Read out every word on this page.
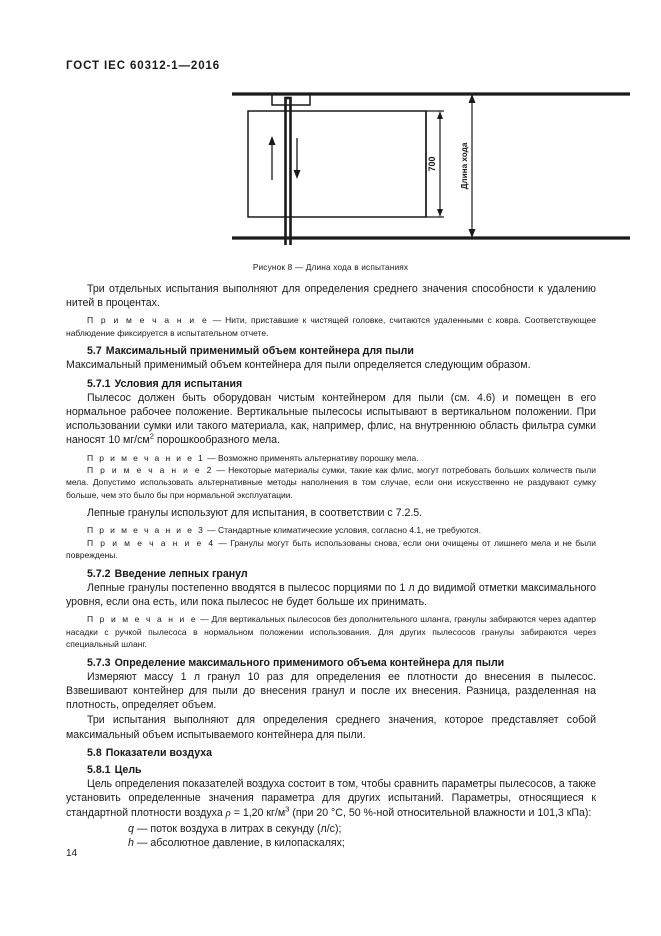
ГОСТ IEC 60312-1—2016
700	Длина хода
Рисунок 8 — Длина хода в испытаниях

Три отдельных испытания выполняют для определения среднего значения способности к удалению нитей в процентах.

П р и м е ч а н и е — Нити, приставшие к чистящей головке, считаются удаленными с ковра. Соответствующее наблюдение фиксируется в испытательном отчете.

5.7 Максимальный применимый объем контейнера для пыли

Максимальный применимый объем контейнера для пыли определяется следующим образом.

5.7.1 Условия для испытания

Пылесос должен быть оборудован чистым контейнером для пыли (см. 4.6) и помещен в его нормальное рабочее положение. Вертикальные пылесосы испытывают в вертикальном положении. При использовании сумки или такого материала, как, например, флис, на внутреннюю область фильтра сумки наносят 10 $мг/см^2$ порошкообразного мела.

П р и м е ч а н и е 1 — Возможно применять альтернативу порошку мела.

П р и м е ч а н и е 2 — Некоторые материалы сумки, такие как флис, могут потребовать больших количеств пыли мела. Допустимо использовать альтернативные методы наполнения в том случае, если они искусственно не раздувают сумку больше, чем это было бы при нормальной эксплуатации.

Лепные гранулы используют для испытания, в соответствии с 7.2.5.

П р и м е ч а н и е 3 — Стандартные климатические условия, согласно 4.1, не требуются.

П р и м е ч а н и е 4 — Гранулы могут быть использованы снова, если они очищены от лишнего мела и не были повреждены.

5.7.2 Введение лепных гранул

Лепные гранулы постепенно вводятся в пылесос порциями по 1 л до видимой отметки максимального уровня, если она есть, или пока пылесос не будет больше их принимать.

П р и м е ч а н и е — Для вертикальных пылесосов без дополнительного шланга, гранулы забираются через адаптер насадки с ручкой пылесоса в нормальном положении использования. Для других пылесосов гранулы забираются через специальный шланг.

5.7.3 Определение максимального применимого объема контейнера для пыли

Измеряют массу 1 л гранул 10 раз для определения ее плотности до внесения в пылесос. Взвешивают контейнер для пыли до внесения гранул и после их внесения. Разница, разделенная на плотность, определяет объем.

Три испытания выполняют для определения среднего значения, которое представляет собой максимальный объем испытываемого контейнера для пыли.

5.8 Показатели воздуха
5.8.1 Цель

Цель определения показателей воздуха состоит в том, чтобы сравнить параметры пылесосов, а также установить определенные значения параметра для других испытаний. Параметры, относящиеся к стандартной плотности воздуха ρ = 1,20 $кг/м^3$ (при 20 °С, 50 %-ной относительной влажности и 101,3 кПа):

q — поток воздуха в литрах в секунду (л/с);

h — абсолютное давление, в килопаскалях;

14
